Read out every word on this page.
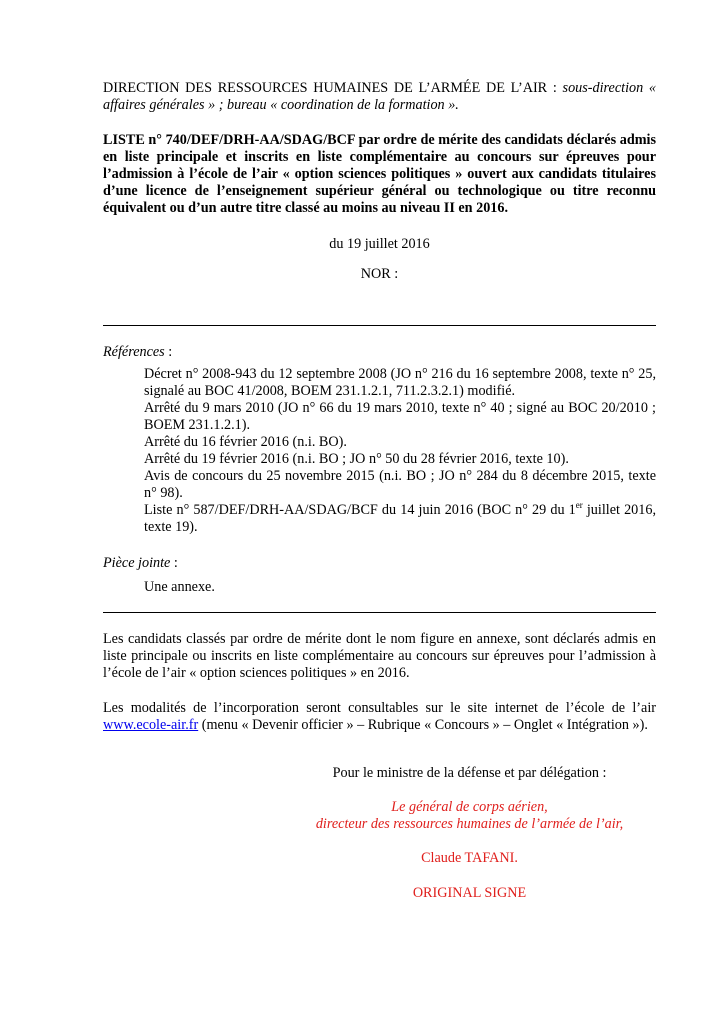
DIRECTION DES RESSOURCES HUMAINES DE L’ARMÉE DE L’AIR : sous-direction « affaires générales » ; bureau « coordination de la formation ».
LISTE n° 740/DEF/DRH-AA/SDAG/BCF par ordre de mérite des candidats déclarés admis en liste principale et inscrits en liste complémentaire au concours sur épreuves pour l’admission à l’école de l’air « option sciences politiques » ouvert aux candidats titulaires d’une licence de l’enseignement supérieur général ou technologique ou titre reconnu équivalent ou d’un autre titre classé au moins au niveau II en 2016.
du 19 juillet 2016
NOR :
Références :
Décret n° 2008-943 du 12 septembre 2008 (JO n° 216 du 16 septembre 2008, texte n° 25, signalé au BOC 41/2008, BOEM 231.1.2.1, 711.2.3.2.1) modifié.
Arrêté du 9 mars 2010 (JO n° 66 du 19 mars 2010, texte n° 40 ; signé au BOC 20/2010 ; BOEM 231.1.2.1).
Arrêté du 16 février 2016 (n.i. BO).
Arrêté du 19 février 2016 (n.i. BO ; JO n° 50 du 28 février 2016, texte 10).
Avis de concours du 25 novembre 2015 (n.i. BO ; JO n° 284 du 8 décembre 2015, texte n° 98).
Liste n° 587/DEF/DRH-AA/SDAG/BCF du 14 juin 2016 (BOC n° 29 du 1er juillet 2016, texte 19).
Pièce jointe :
Une annexe.
Les candidats classés par ordre de mérite dont le nom figure en annexe, sont déclarés admis en liste principale ou inscrits en liste complémentaire au concours sur épreuves pour l’admission à l’école de l’air « option sciences politiques » en 2016.
Les modalités de l’incorporation seront consultables sur le site internet de l’école de l’air www.ecole-air.fr (menu « Devenir officier » – Rubrique « Concours » – Onglet « Intégration »).
Pour le ministre de la défense et par délégation :
Le général de corps aérien,
directeur des ressources humaines de l’armée de l’air,
Claude TAFANI.
ORIGINAL SIGNE
